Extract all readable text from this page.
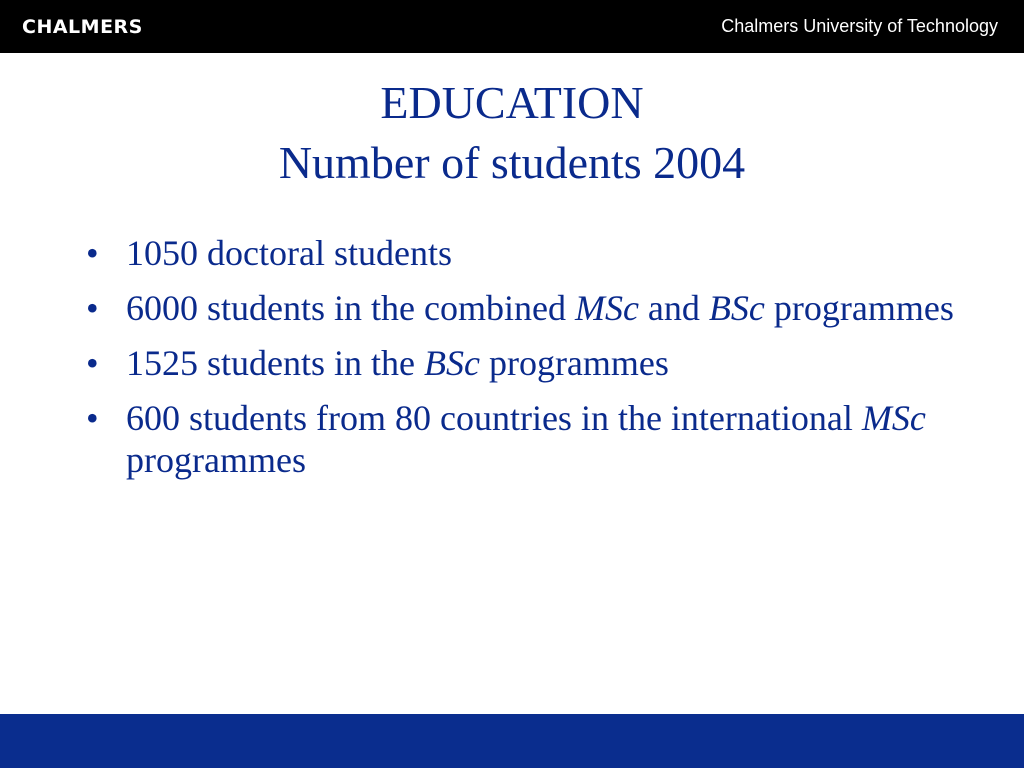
CHALMERS	Chalmers University of Technology
EDUCATION
Number of students 2004
• 1050 doctoral students
• 6000 students in the combined MSc and BSc programmes
• 1525 students in the BSc programmes
• 600 students from 80 countries in the international MSc programmes
